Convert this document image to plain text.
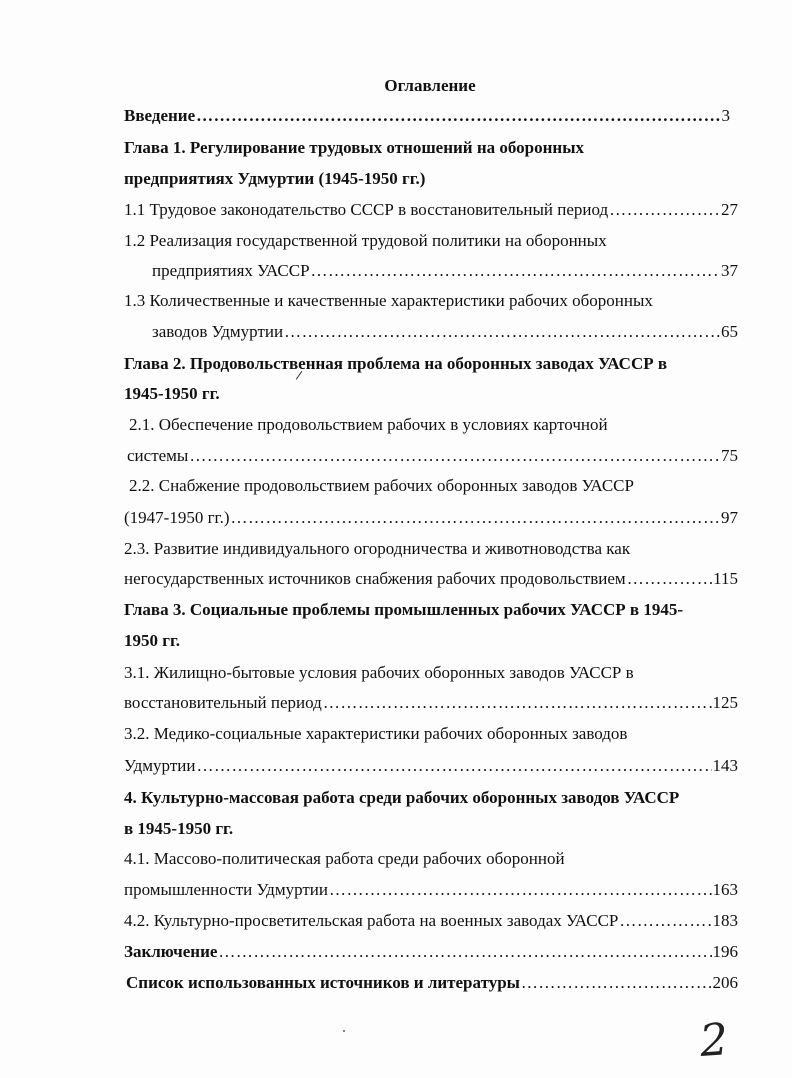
Оглавление
Введение …………………………………………………………………………………………………………………………………………………………………………………………………………	3
Глава 1. Регулирование трудовых отношений на оборонных
предприятиях Удмуртии (1945-1950 гг.)
1.1 Трудовое законодательство СССР в восстановительный период …………………………………………………………………………………………………………………………………………………………………………………………………………	27
1.2 Реализация государственной трудовой политики на оборонных
предприятиях УАССР …………………………………………………………………………………………………………………………………………………………………………………………………………	37
1.3 Количественные и качественные характеристики рабочих оборонных
заводов Удмуртии …………………………………………………………………………………………………………………………………………………………………………………………………………	65
Глава 2. Продовольственная проблема на оборонных заводах УАССР в
1945-1950 гг.
2.1. Обеспечение продовольствием рабочих в условиях карточной
системы …………………………………………………………………………………………………………………………………………………………………………………………………………	75
2.2. Снабжение продовольствием рабочих оборонных заводов УАССР
(1947-1950 гг.) …………………………………………………………………………………………………………………………………………………………………………………………………………	97
2.3. Развитие индивидуального огородничества и животноводства как
негосударственных источников снабжения рабочих продовольствием …………………………………………………………………………………………………………………………………………………………………………………………………………	115
Глава 3. Социальные проблемы промышленных рабочих УАССР в 1945-
1950 гг.
3.1. Жилищно-бытовые условия рабочих оборонных заводов УАССР в
восстановительный период …………………………………………………………………………………………………………………………………………………………………………………………………………	125
3.2. Медико-социальные характеристики рабочих оборонных заводов
Удмуртии …………………………………………………………………………………………………………………………………………………………………………………………………………	143
4. Культурно-массовая работа среди рабочих оборонных заводов УАССР
в 1945-1950 гг.
4.1. Массово-политическая работа среди рабочих оборонной
промышленности Удмуртии …………………………………………………………………………………………………………………………………………………………………………………………………………	163
4.2. Культурно-просветительская работа на военных заводах УАССР …………………………………………………………………………………………………………………………………………………………………………………………………………	183
Заключение …………………………………………………………………………………………………………………………………………………………………………………………………………	196
Список использованных источников и литературы …………………………………………………………………………………………………………………………………………………………………………………………………………	206
2
